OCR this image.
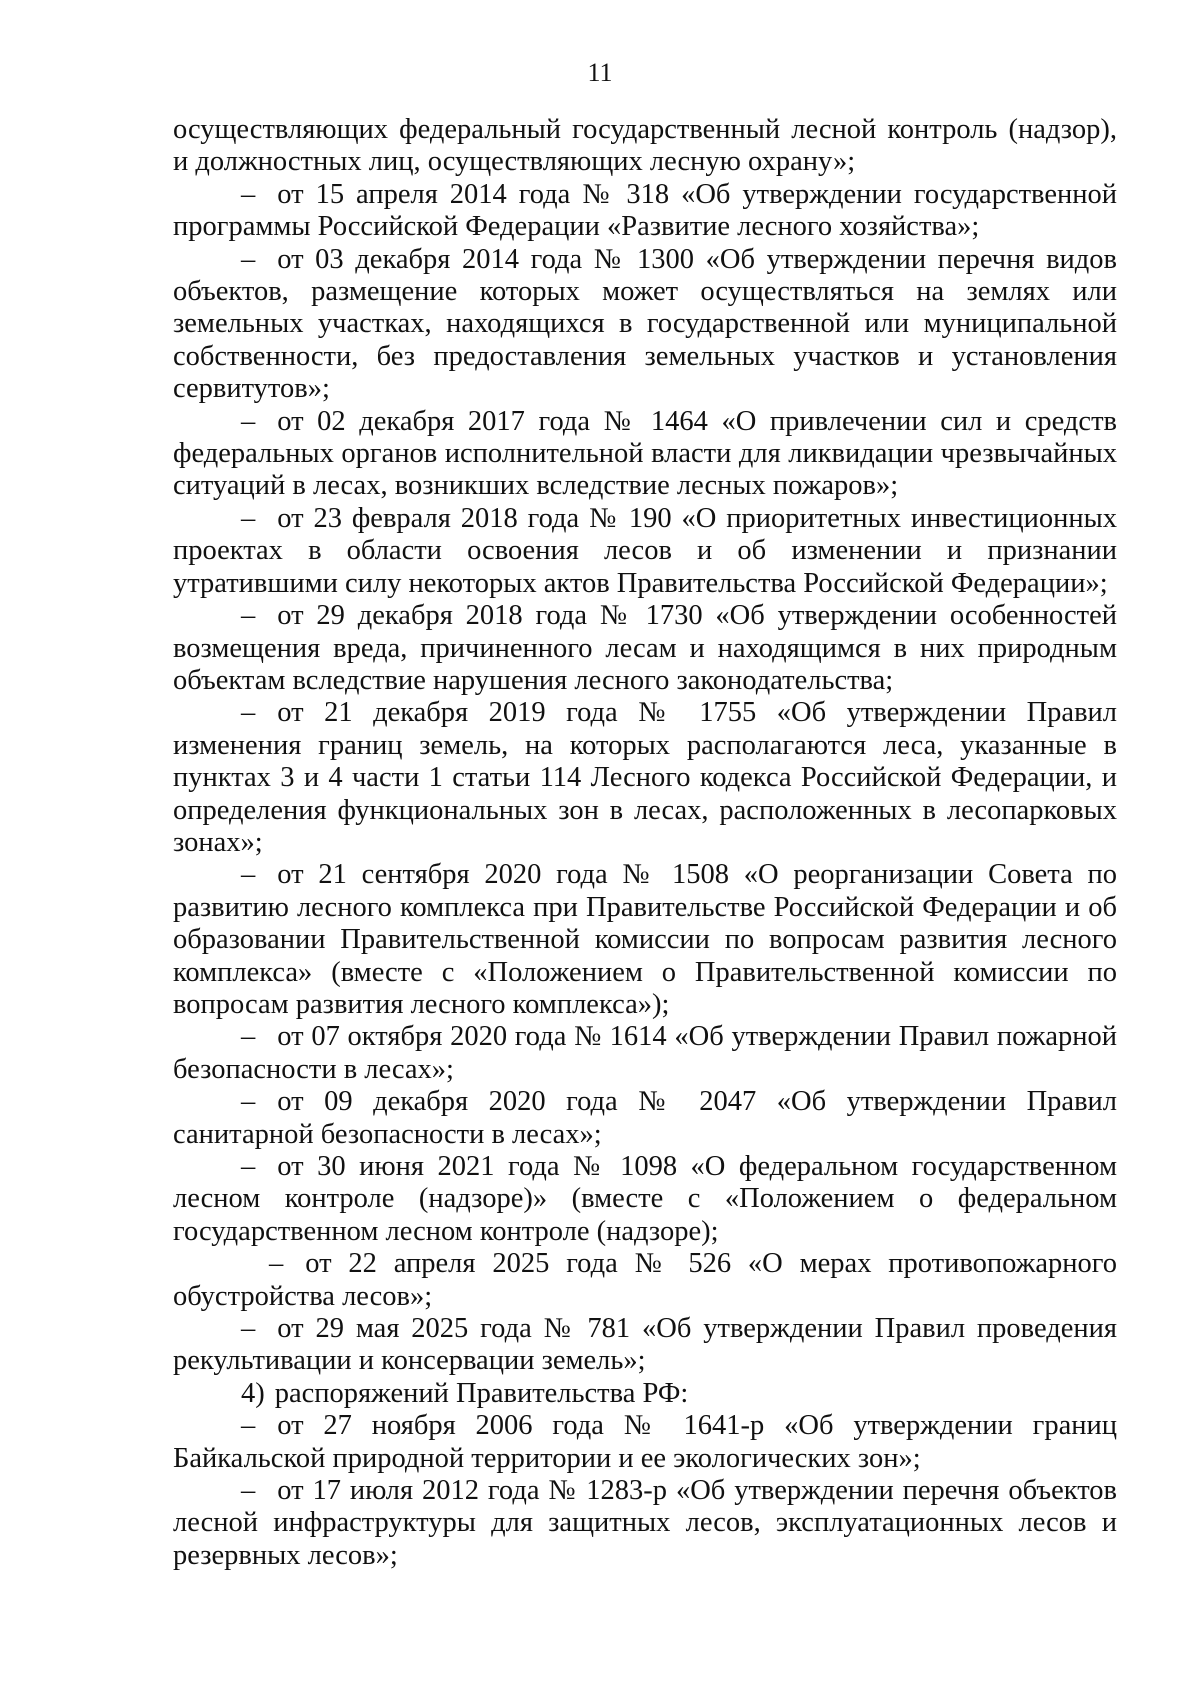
11

осуществляющих федеральный государственный лесной контроль (надзор), и должностных лиц, осуществляющих лесную охрану»;

– от 15 апреля 2014 года № 318 «Об утверждении государственной программы Российской Федерации «Развитие лесного хозяйства»;

– от 03 декабря 2014 года № 1300 «Об утверждении перечня видов объектов, размещение которых может осуществляться на землях или земельных участках, находящихся в государственной или муниципальной собственности, без предоставления земельных участков и установления сервитутов»;

– от 02 декабря 2017 года № 1464 «О привлечении сил и средств федеральных органов исполнительной власти для ликвидации чрезвычайных ситуаций в лесах, возникших вследствие лесных пожаров»;

– от 23 февраля 2018 года № 190 «О приоритетных инвестиционных проектах в области освоения лесов и об изменении и признании утратившими силу некоторых актов Правительства Российской Федерации»;

– от 29 декабря 2018 года № 1730 «Об утверждении особенностей возмещения вреда, причиненного лесам и находящимся в них природным объектам вследствие нарушения лесного законодательства;

– от 21 декабря 2019 года № 1755 «Об утверждении Правил изменения границ земель, на которых располагаются леса, указанные в пунктах 3 и 4 части 1 статьи 114 Лесного кодекса Российской Федерации, и определения функциональных зон в лесах, расположенных в лесопарковых зонах»;

– от 21 сентября 2020 года № 1508 «О реорганизации Совета по развитию лесного комплекса при Правительстве Российской Федерации и об образовании Правительственной комиссии по вопросам развития лесного комплекса» (вместе с «Положением о Правительственной комиссии по вопросам развития лесного комплекса»);

– от 07 октября 2020 года № 1614 «Об утверждении Правил пожарной безопасности в лесах»;

– от 09 декабря 2020 года № 2047 «Об утверждении Правил санитарной безопасности в лесах»;

– от 30 июня 2021 года № 1098 «О федеральном государственном лесном контроле (надзоре)» (вместе с «Положением о федеральном государственном лесном контроле (надзоре);

– от 22 апреля 2025 года № 526 «О мерах противопожарного обустройства лесов»;

– от 29 мая 2025 года № 781 «Об утверждении Правил проведения рекультивации и консервации земель»;

4) распоряжений Правительства РФ:

– от 27 ноября 2006 года № 1641-р «Об утверждении границ Байкальской природной территории и ее экологических зон»;

– от 17 июля 2012 года № 1283-р «Об утверждении перечня объектов лесной инфраструктуры для защитных лесов, эксплуатационных лесов и резервных лесов»;
